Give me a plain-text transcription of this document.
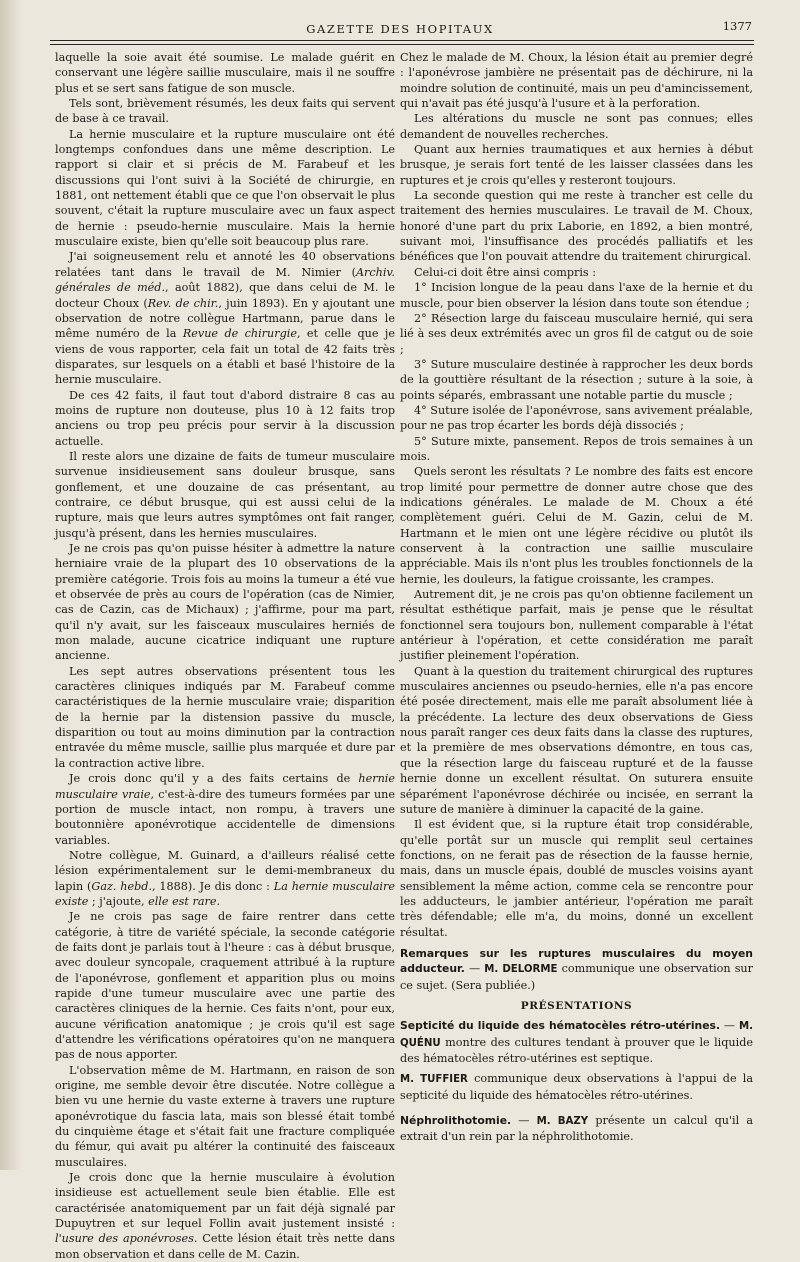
GAZETTE DES HOPITAUX	1377

laquelle la soie avait été soumise. Le malade guérit en conservant une légère saillie musculaire, mais il ne souffre plus et se sert sans fatigue de son muscle.

Tels sont, brièvement résumés, les deux faits qui servent de base à ce travail.

La hernie musculaire et la rupture musculaire ont été longtemps confondues dans une même description. Le rapport si clair et si précis de M. Farabeuf et les discussions qui l'ont suivi à la Société de chirurgie, en 1881, ont nettement établi que ce que l'on observait le plus souvent, c'était la rupture musculaire avec un faux aspect de hernie : pseudo-hernie musculaire. Mais la hernie musculaire existe, bien qu'elle soit beaucoup plus rare.

J'ai soigneusement relu et annoté les 40 observations relatées tant dans le travail de M. Nimier (Archiv. générales de méd., août 1882), que dans celui de M. le docteur Choux (Rev. de chir., juin 1893). En y ajoutant une observation de notre collègue Hartmann, parue dans le même numéro de la Revue de chirurgie, et celle que je viens de vous rapporter, cela fait un total de 42 faits très disparates, sur lesquels on a établi et basé l'histoire de la hernie musculaire.

De ces 42 faits, il faut tout d'abord distraire 8 cas au moins de rupture non douteuse, plus 10 à 12 faits trop anciens ou trop peu précis pour servir à la discussion actuelle.

Il reste alors une dizaine de faits de tumeur musculaire survenue insidieusement sans douleur brusque, sans gonflement, et une douzaine de cas présentant, au contraire, ce début brusque, qui est aussi celui de la rupture, mais que leurs autres symptômes ont fait ranger, jusqu'à présent, dans les hernies musculaires.

Je ne crois pas qu'on puisse hésiter à admettre la nature herniaire vraie de la plupart des 10 observations de la première catégorie. Trois fois au moins la tumeur a été vue et observée de près au cours de l'opération (cas de Nimier, cas de Cazin, cas de Michaux) ; j'affirme, pour ma part, qu'il n'y avait, sur les faisceaux musculaires herniés de mon malade, aucune cicatrice indiquant une rupture ancienne.

Les sept autres observations présentent tous les caractères cliniques indiqués par M. Farabeuf comme caractéristiques de la hernie musculaire vraie; disparition de la hernie par la distension passive du muscle, disparition ou tout au moins diminution par la contraction entravée du même muscle, saillie plus marquée et dure par la contraction active libre.

Je crois donc qu'il y a des faits certains de hernie musculaire vraie, c'est-à-dire des tumeurs formées par une portion de muscle intact, non rompu, à travers une boutonnière aponévrotique accidentelle de dimensions variables.

Notre collègue, M. Guinard, a d'ailleurs réalisé cette lésion expérimentalement sur le demi-membraneux du lapin (Gaz. hebd., 1888). Je dis donc : La hernie musculaire existe ; j'ajoute, elle est rare.

Je ne crois pas sage de faire rentrer dans cette catégorie, à titre de variété spéciale, la seconde catégorie de faits dont je parlais tout à l'heure : cas à début brusque, avec douleur syncopale, craquement attribué à la rupture de l'aponévrose, gonflement et apparition plus ou moins rapide d'une tumeur musculaire avec une partie des caractères cliniques de la hernie. Ces faits n'ont, pour eux, aucune vérification anatomique ; je crois qu'il est sage d'attendre les vérifications opératoires qu'on ne manquera pas de nous apporter.

L'observation même de M. Hartmann, en raison de son origine, me semble devoir être discutée. Notre collègue a bien vu une hernie du vaste externe à travers une rupture aponévrotique du fascia lata, mais son blessé était tombé du cinquième étage et s'était fait une fracture compliquée du fémur, qui avait pu altérer la continuité des faisceaux musculaires.

Je crois donc que la hernie musculaire à évolution insidieuse est actuellement seule bien établie. Elle est caractérisée anatomiquement par un fait déjà signalé par Dupuytren et sur lequel Follin avait justement insisté : l'usure des aponévroses. Cette lésion était très nette dans mon observation et dans celle de M. Cazin.

Chez le malade de M. Choux, la lésion était au premier degré : l'aponévrose jambière ne présentait pas de déchirure, ni la moindre solution de continuité, mais un peu d'amincissement, qui n'avait pas été jusqu'à l'usure et à la perforation.

Les altérations du muscle ne sont pas connues; elles demandent de nouvelles recherches.

Quant aux hernies traumatiques et aux hernies à début brusque, je serais fort tenté de les laisser classées dans les ruptures et je crois qu'elles y resteront toujours.

La seconde question qui me reste à trancher est celle du traitement des hernies musculaires. Le travail de M. Choux, honoré d'une part du prix Laborie, en 1892, a bien montré, suivant moi, l'insuffisance des procédés palliatifs et les bénéfices que l'on pouvait attendre du traitement chirurgical.

Celui-ci doit être ainsi compris :

1° Incision longue de la peau dans l'axe de la hernie et du muscle, pour bien observer la lésion dans toute son étendue ;

2° Résection large du faisceau musculaire hernié, qui sera lié à ses deux extrémités avec un gros fil de catgut ou de soie ;

3° Suture musculaire destinée à rapprocher les deux bords de la gouttière résultant de la résection ; suture à la soie, à points séparés, embrassant une notable partie du muscle ;

4° Suture isolée de l'aponévrose, sans avivement préalable, pour ne pas trop écarter les bords déjà dissociés ;

5° Suture mixte, pansement. Repos de trois semaines à un mois.

Quels seront les résultats ? Le nombre des faits est encore trop limité pour permettre de donner autre chose que des indications générales. Le malade de M. Choux a été complètement guéri. Celui de M. Gazin, celui de M. Hartmann et le mien ont une légère récidive ou plutôt ils conservent à la contraction une saillie musculaire appréciable. Mais ils n'ont plus les troubles fonctionnels de la hernie, les douleurs, la fatigue croissante, les crampes.

Autrement dit, je ne crois pas qu'on obtienne facilement un résultat esthétique parfait, mais je pense que le résultat fonctionnel sera toujours bon, nullement comparable à l'état antérieur à l'opération, et cette considération me paraît justifier pleinement l'opération.

Quant à la question du traitement chirurgical des ruptures musculaires anciennes ou pseudo-hernies, elle n'a pas encore été posée directement, mais elle me paraît absolument liée à la précédente. La lecture des deux observations de Giess nous paraît ranger ces deux faits dans la classe des ruptures, et la première de mes observations démontre, en tous cas, que la résection large du faisceau rupturé et de la fausse hernie donne un excellent résultat. On suturera ensuite séparément l'aponévrose déchirée ou incisée, en serrant la suture de manière à diminuer la capacité de la gaine.

Il est évident que, si la rupture était trop considérable, qu'elle portât sur un muscle qui remplit seul certaines fonctions, on ne ferait pas de résection de la fausse hernie, mais, dans un muscle épais, doublé de muscles voisins ayant sensiblement la même action, comme cela se rencontre pour les adducteurs, le jambier antérieur, l'opération me paraît très défendable; elle m'a, du moins, donné un excellent résultat.

Remarques sur les ruptures musculaires du moyen adducteur. — M. DELORME communique une observation sur ce sujet. (Sera publiée.)

PRÉSENTATIONS

Septicité du liquide des hématocèles rétro-utérines. — M. QUÉNU montre des cultures tendant à prouver que le liquide des hématocèles rétro-utérines est septique.

M. TUFFIER communique deux observations à l'appui de la septicité du liquide des hématocèles rétro-utérines.

Néphrolithotomie. — M. BAZY présente un calcul qu'il a extrait d'un rein par la néphrolithotomie.
